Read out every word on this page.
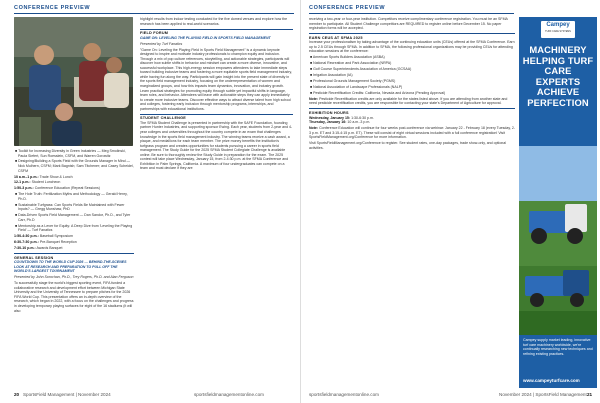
CONFERENCE PREVIEW

■ Toolkit for Increasing Diversity in Green Industries — Meg Smolinski, Paula Siefert, Sun Roesslein, CSFM, and Warren Gorowitz

■ Designing/Building a Sports Field with the Grounds Manager in Mind — Nick Mulhern, CSFM; Mark Bagnish; Sam Titchener; and Casey Scheidel, CSFM

10 a.m.-1 p.m.: Trade Show & Lunch

12-1 p.m.: Student Luncheon

1:50-3 p.m.: Conference Education (Repeat Sessions)

■ The Hole Truth: Fertilization Myths and Methodology — Gerald Henry, Ph.D.

■ Sustainable Turfgrass: Can Sports Fields Be Maintained with Fewer Inputs? — Gregg Munshaw, PhD

■ Data-Driven Sports Field Management — Dan Sandor, Ph.D., and Tyler Carr, Ph.D

■ Mentorship as a Lever for Equity: A Deep Dive from 'Leveling the Playing Field' — Turf Fanatics

1:50-4:30 p.m.: Baseball Symposium

6:30-7:30 p.m.: Pre-Banquet Reception

7:30-10 p.m.: Awards Banquet

GENERAL SESSION

COUNTDOWN TO THE WORLD CUP 2026 — BEHIND-THE-SCENES LOOK AT RESEARCH AND PREPARATION TO PULL OFF THE WORLD'S LARGEST TOURNAMENT

Presented by John Sorochan, Ph.D., Trey Rogers, Ph.D. and Alan Ferguson

To successfully stage the world's biggest sporting event, FIFA funded a collaborative research and development effort between Michigan State University and the University of Tennessee to prepare pitches for the 2026 FIFA World Cup. This presentation offers an in-depth overview of the research, which began in 2022, with a focus on the challenges and progress in developing temporary playing surfaces for eight of the 16 stadiums (it will also

highlight results from indoor testing conducted for the five domed venues and explore how the research has been applied to real-world scenarios.

FIELD FORUM

GAME ON: LEVELING THE PLAYING FIELD IN SPORTS FIELD MANAGEMENT

Presented by Turf Fanatics

"Game On: Leveling the Playing Field in Sports Field Management" is a dynamic keynote designed to inspire and motivate industry professionals to champion equity and inclusion. Through a mix of pop culture references, storytelling, and actionable strategies, participants will discover how subtle shifts in behavior and mindset can create a more diverse, innovative, and successful workplace. This high-energy session empowers attendees to take immediate steps toward building inclusive teams and fostering a more equitable sports field management industry, while having fun along the way. Participants will gain insight into the present state of diversity in the sports field management industry, focusing on the underrepresentation of women and marginalized groups, and how this impacts team dynamics, innovation, and industry growth. Learn practical strategies for promoting equity through subtle yet impactful shifts in language, team roles, and behavior. Attendees will leave with actionable steps they can apply immediately to create more inclusive teams. Discover effective ways to attract diverse talent from high school and colleges, fostering early inclusion through mentorship programs, internships, and partnerships with educational institutions.

STUDENT CHALLENGE

The SFMA Student Challenge is presented in partnership with the SAFE Foundation, founding partner Hunter Industries, and supporting sponsor Ewing. Each year, students from 2-year and 4-year colleges and universities throughout the country compete in an exam that challenges knowledge in the sports field management industry. The winning teams receive a cash award, a plaque, and medallions for each team member. The prize money benefits the institution's turfgrass program and creates opportunities for students pursuing a career in sports field management. The Study Guide for the 2025 SFMA Student Collegiate Challenge is available online. Be sure to thoroughly review the Study Guide in preparation for the exam. The 2025 contest will take place Wednesday, January 15, from 2-4:30 p.m. at the SFMA Conference and Exhibition in Palm Springs, California. A maximum of four undergraduates can compete on a team and must declare if they are

20 SportsField Management | November 2024	sportsfieldmanagementonline.com
CONFERENCE PREVIEW

receiving a two-year or four-year institution. Competitors receive complimentary conference registration. You must be an SFMA member to participate. All Student Challenge competitors are REQUIRED to register online before December 15. No paper registration forms will be accepted.

EARN CEUS AT SFMA 2025

Increase your professionalism by taking advantage of the continuing education units (CEUs) offered at the SFMA Conference. Earn up to 2.5 CEUs through SFMA. In addition to SFMA, the following professional organizations may be providing CEUs for attending education sessions at the conference:

■ American Sports Builders Association (ASBA)

■ National Recreation and Park Association (NRPA)

■ Golf Course Superintendents Association of America (GCSAA)

■ Irrigation Association (IA)

■ Professional Grounds Management Society (PGMS)

■ National Association of Landscape Professionals (NALP)

■ Pesticide Recertification Credits: California, Nevada and Arizona (Pending Approval)

Note: Pesticide Recertification credits are only available for the states listed above. If you are attending from another state and need pesticide recertification credits, you are responsible for contacting your state's Department of Agriculture for approval.

EXHIBITION HOURS

Wednesday, January 15: 1:30-6:30 p.m.

Thursday, January 16: 10 a.m.-3 p.m.

Note: Conference Education will continue for four weeks post-conference via webinar: January 22 - February 18 (every Tuesday, 2-3 p.m. ET and 3:15-4:15 p.m. ET). These will consist of eight virtual sessions included with a full conference registration! Visit SportsFieldManagement.org/Conference for more information.

Visit SportsFieldManagement.org/Conference to register. See student rates, one-day packages, trade show-only, and optional activities.

sportsfieldmanagementonline.com	November 2024 | SportsField Management 21
Campey
TURF CARE SYSTEMS
MACHINERY HELPING TURF CARE EXPERTS ACHIEVE PERFECTION
Campey supply market leading, innovative turf care machinery worldwide, we're continually researching new techniques and refining existing practices.
www.campeyturfcare.com
